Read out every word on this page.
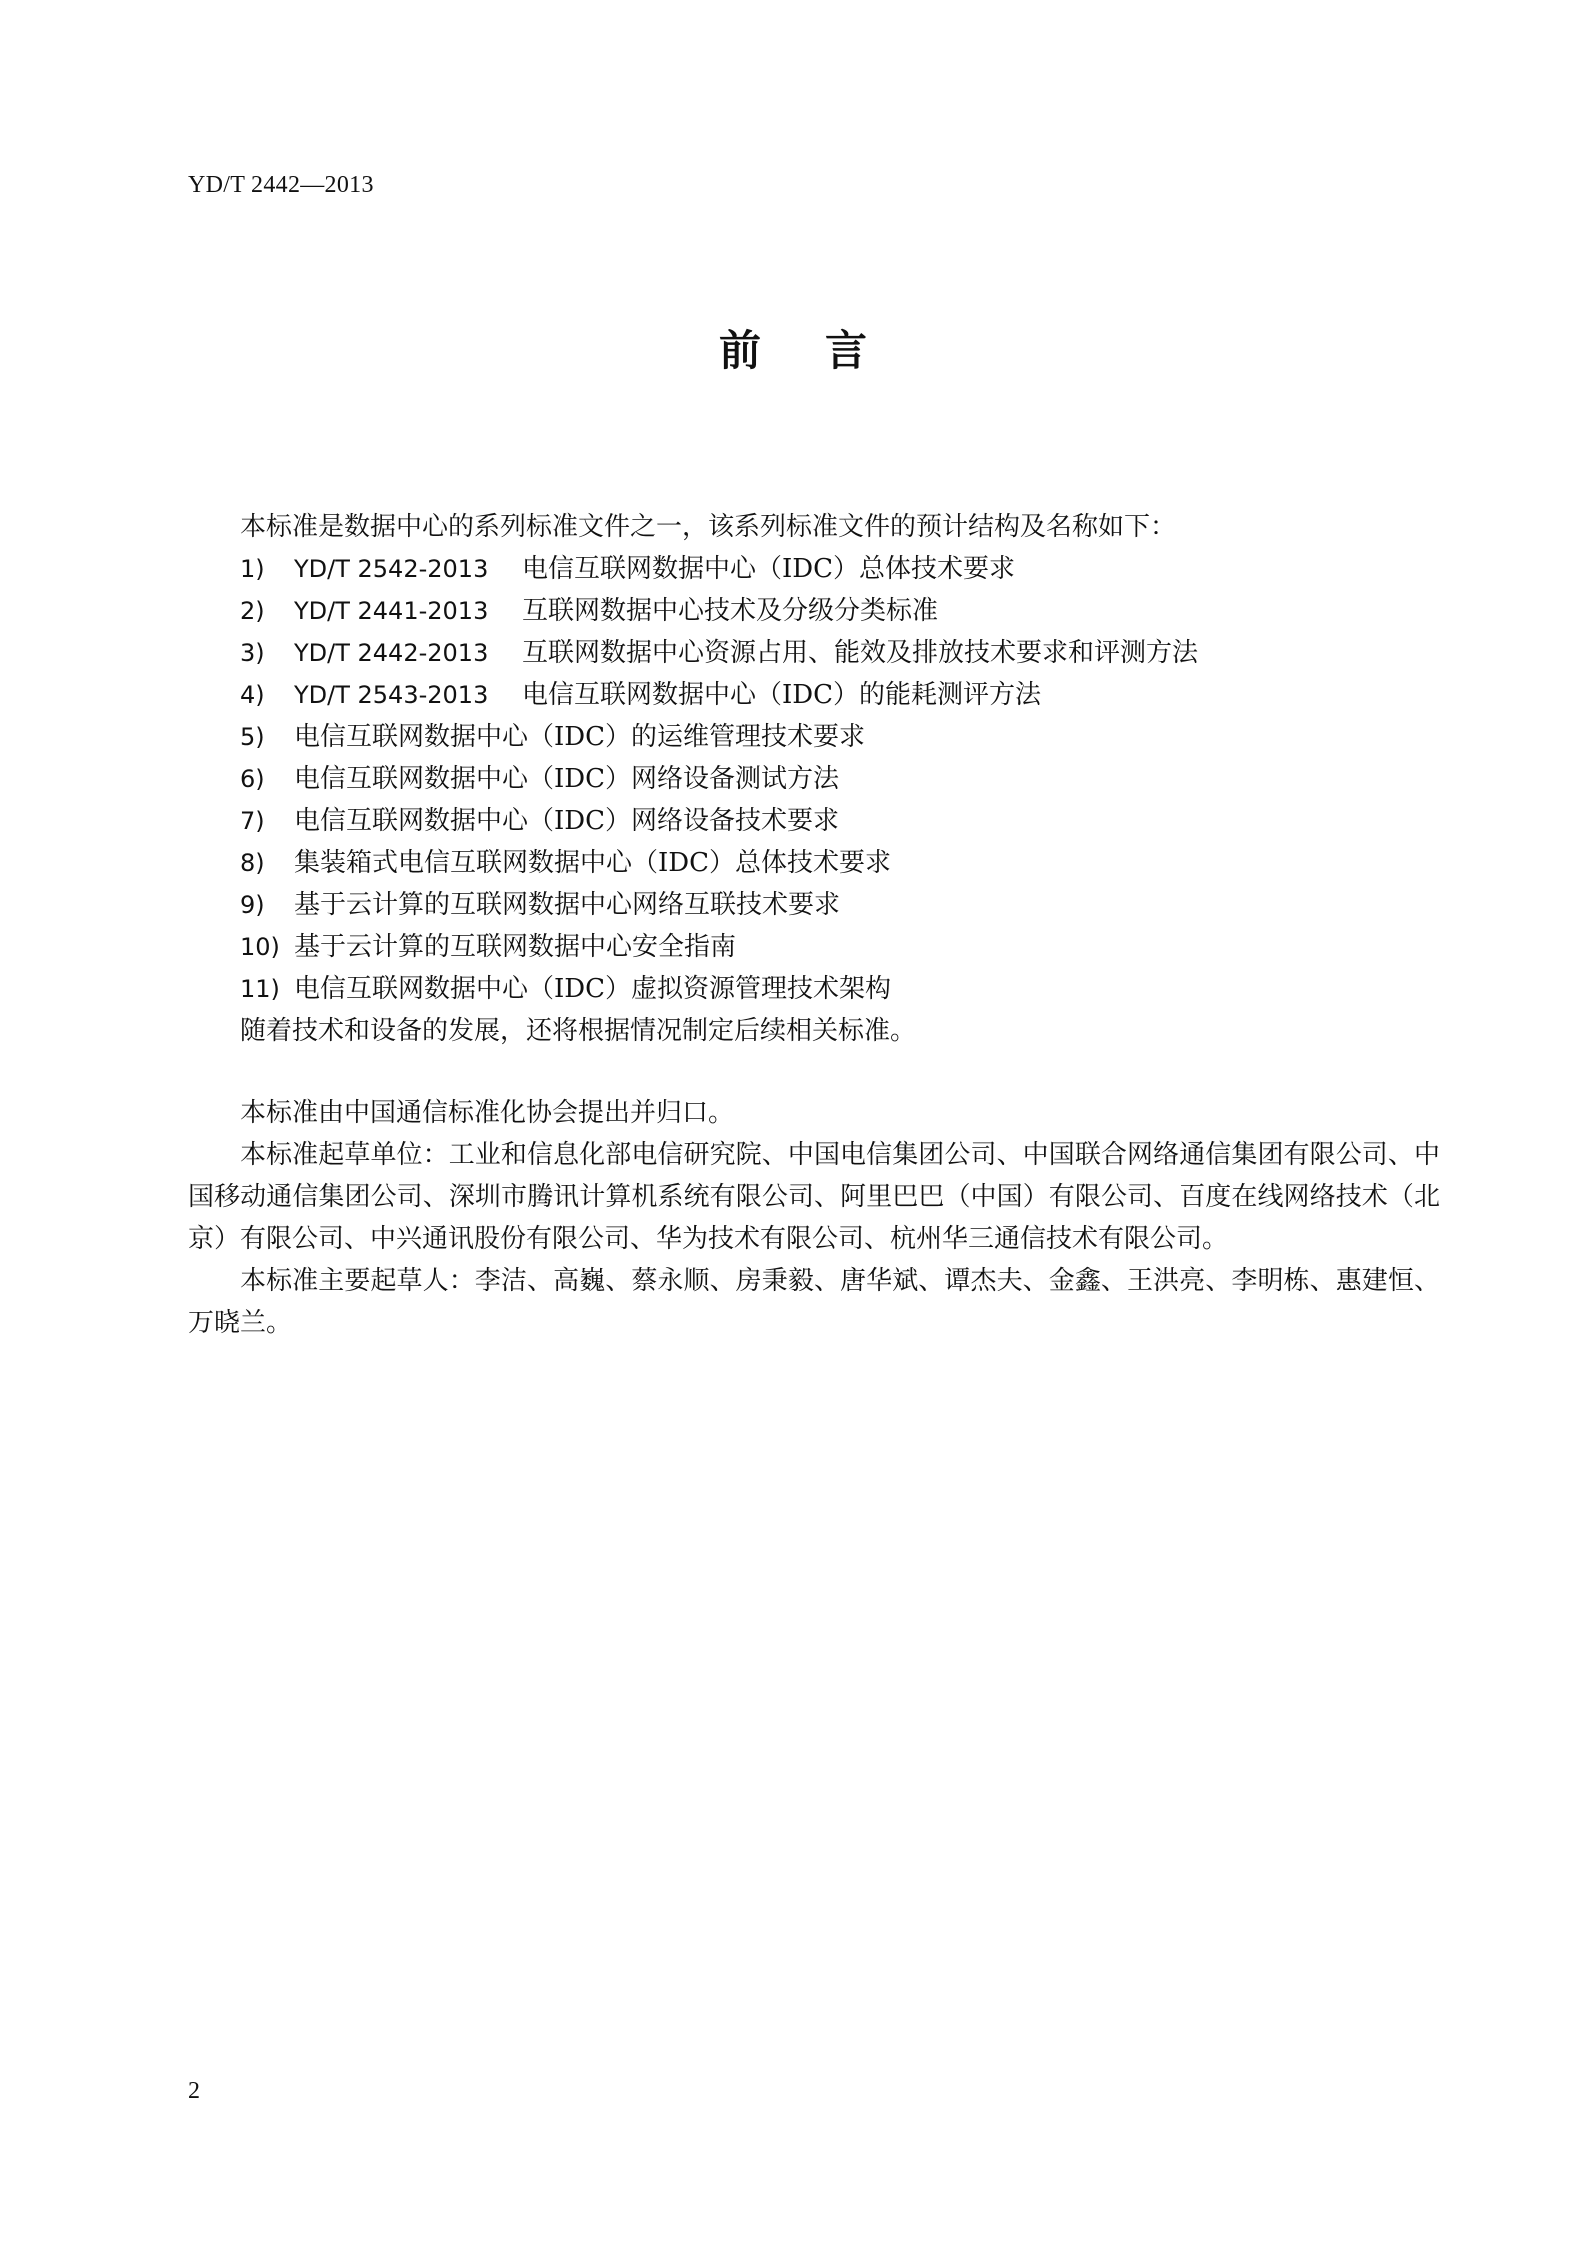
YD/T 2442—2013
前言

本标准是数据中心的系列标准文件之一，该系列标准文件的预计结构及名称如下：

1) YD/T 2542-2013 电信互联网数据中心（IDC）总体技术要求

2) YD/T 2441-2013 互联网数据中心技术及分级分类标准

3) YD/T 2442-2013 互联网数据中心资源占用、能效及排放技术要求和评测方法

4) YD/T 2543-2013 电信互联网数据中心（IDC）的能耗测评方法

5) 电信互联网数据中心（IDC）的运维管理技术要求

6) 电信互联网数据中心（IDC）网络设备测试方法

7) 电信互联网数据中心（IDC）网络设备技术要求

8) 集装箱式电信互联网数据中心（IDC）总体技术要求

9) 基于云计算的互联网数据中心网络互联技术要求

10) 基于云计算的互联网数据中心安全指南

11) 电信互联网数据中心（IDC）虚拟资源管理技术架构

随着技术和设备的发展，还将根据情况制定后续相关标准。

本标准由中国通信标准化协会提出并归口。

本标准起草单位：工业和信息化部电信研究院、中国电信集团公司、中国联合网络通信集团有限公司、中国移动通信集团公司、深圳市腾讯计算机系统有限公司、阿里巴巴（中国）有限公司、百度在线网络技术（北京）有限公司、中兴通讯股份有限公司、华为技术有限公司、杭州华三通信技术有限公司。

本标准主要起草人：李洁、高巍、蔡永顺、房秉毅、唐华斌、谭杰夫、金鑫、王洪亮、李明栋、惠建恒、万晓兰。

2
